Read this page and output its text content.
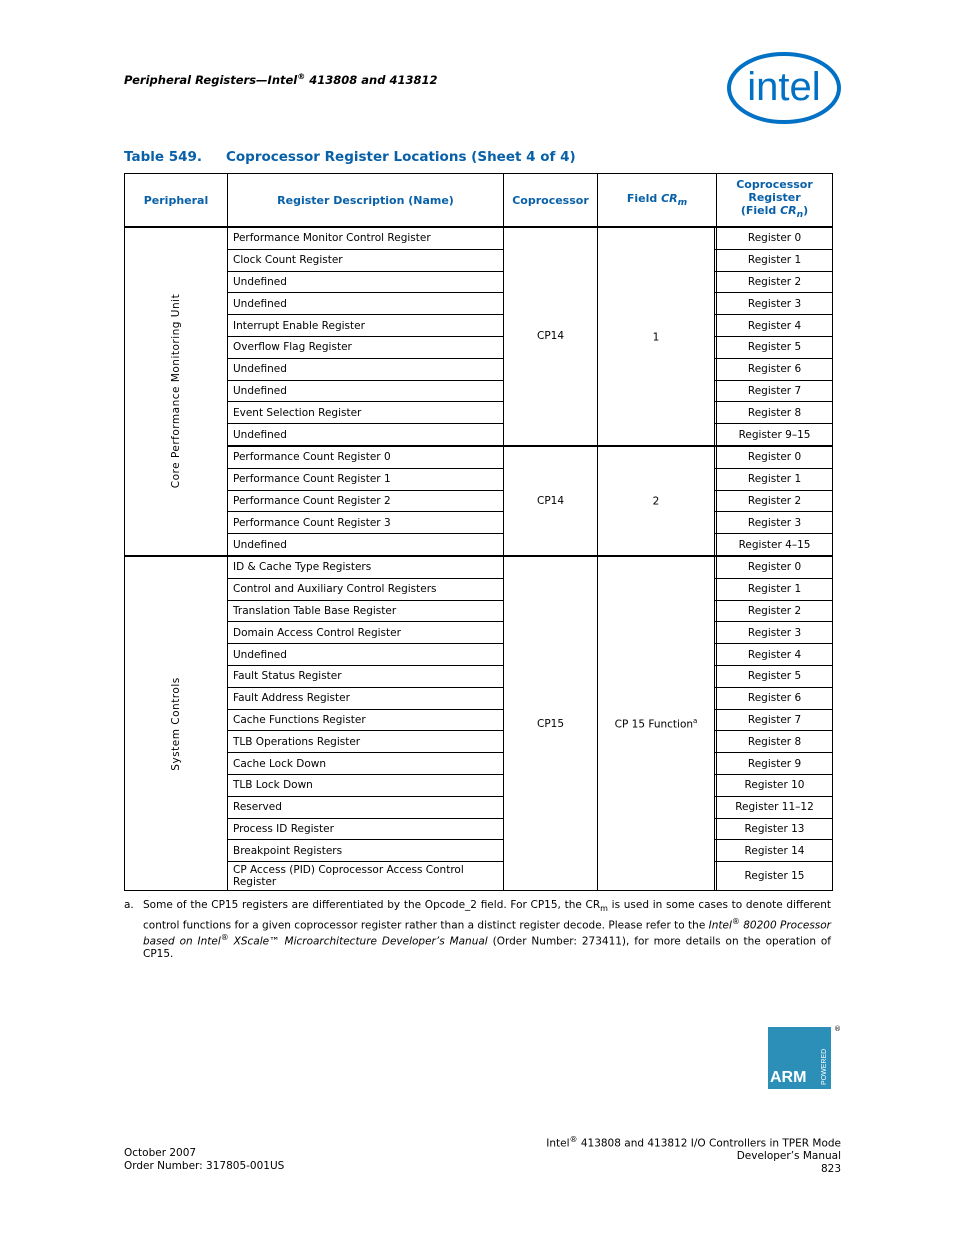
Peripheral Registers—Intel® 413808 and 413812	intel
Table 549. Coprocessor Register Locations (Sheet 4 of 4)
Peripheral	Register Description (Name)	Coprocessor	Field $CR_m$		Coprocessor
Register
(Field $CR_n$)

Core Performance Monitoring Unit	Performance Monitor Control Register	CP14	1		Register 0
	Clock Count Register				Register 1
	Undefined				Register 2
	Undefined				Register 3
	Interrupt Enable Register				Register 4
	Overflow Flag Register				Register 5
	Undefined				Register 6
	Undefined				Register 7
	Event Selection Register				Register 8
	Undefined				Register 9–15
	Performance Count Register 0	CP14	2		Register 0
	Performance Count Register 1				Register 1
	Performance Count Register 2				Register 2
	Performance Count Register 3				Register 3
	Undefined				Register 4–15

System Controls	ID & Cache Type Registers	CP15	CP 15 Function$^a$		Register 0
	Control and Auxiliary Control Registers				Register 1
	Translation Table Base Register				Register 2
	Domain Access Control Register				Register 3
	Undefined				Register 4
	Fault Status Register				Register 5
	Fault Address Register				Register 6
	Cache Functions Register				Register 7
	TLB Operations Register				Register 8
	Cache Lock Down				Register 9
	TLB Lock Down				Register 10
	Reserved				Register 11–12
	Process ID Register				Register 13
	Breakpoint Registers				Register 14
	CP Access (PID) Coprocessor Access Control Register				Register 15
a. Some of the CP15 registers are differentiated by the Opcode_2 field. For CP15, the $CR_m$ is used in some cases to denote different control functions for a given coprocessor register rather than a distinct register decode. Please refer to the Intel® 80200 Processor based on Intel® XScale™ Microarchitecture Developer’s Manual (Order Number: 273411), for more details on the operation of CP15.
®
ARM POWERED
October 2007
Order Number: 317805-001US
Intel® 413808 and 413812 I/O Controllers in TPER Mode
Developer’s Manual
823
